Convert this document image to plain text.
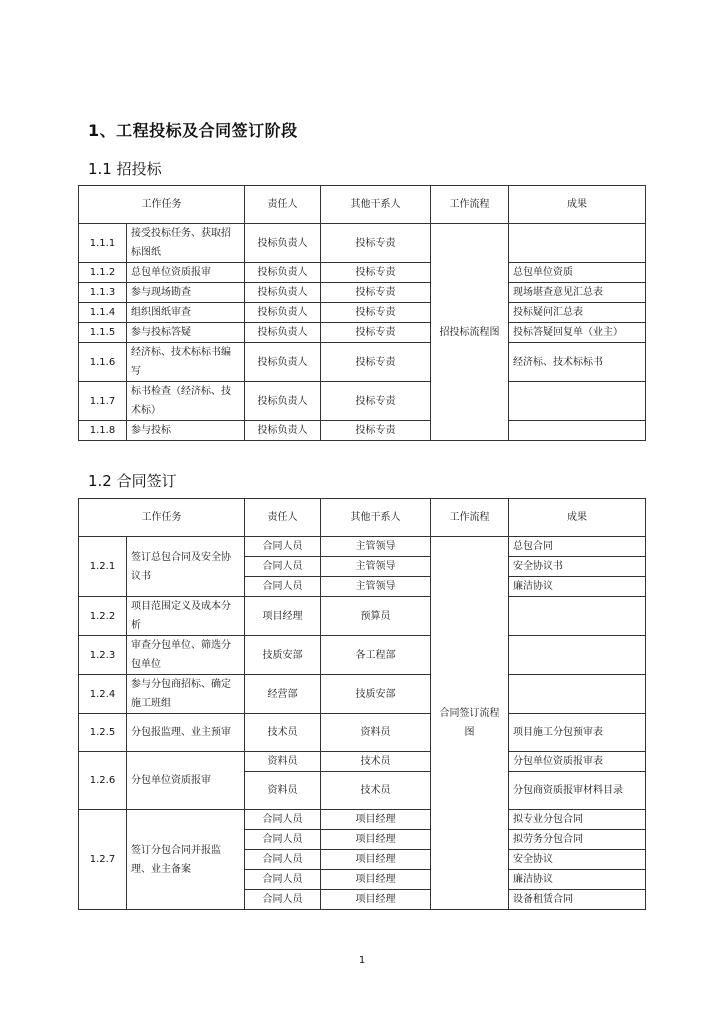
1、工程投标及合同签订阶段
1.1 招投标
工作任务		责任人	其他干系人	工作流程	成果
1.1.1	接受投标任务、获取招标图纸	投标负责人	投标专责	招投标流程图	
1.1.2	总包单位资质报审	投标负责人	投标专责		总包单位资质
1.1.3	参与现场勘查	投标负责人	投标专责		现场堪查意见汇总表
1.1.4	组织图纸审查	投标负责人	投标专责		投标疑问汇总表
1.1.5	参与投标答疑	投标负责人	投标专责		投标答疑回复单（业主）
1.1.6	经济标、技术标标书编写	投标负责人	投标专责		经济标、技术标标书
1.1.7	标书检查（经济标、技术标）	投标负责人	投标专责		
1.1.8	参与投标	投标负责人	投标专责		
1.2 合同签订
工作任务		责任人	其他干系人	工作流程	成果
1.2.1	签订总包合同及安全协议书	合同人员	主管领导	合同签订流程图	总包合同
		合同人员	主管领导		安全协议书
		合同人员	主管领导		廉洁协议
1.2.2	项目范围定义及成本分析	项目经理	预算员		
1.2.3	审查分包单位、筛选分包单位	技质安部	各工程部		
1.2.4	参与分包商招标、确定施工班组	经营部	技质安部		
1.2.5	分包报监理、业主预审	技术员	资料员		项目施工分包预审表
1.2.6	分包单位资质报审	资料员	技术员		分包单位资质报审表
		资料员	技术员		分包商资质报审材料目录
1.2.7	签订分包合同并报监理、业主备案	合同人员	项目经理		拟专业分包合同
		合同人员	项目经理		拟劳务分包合同
		合同人员	项目经理		安全协议
		合同人员	项目经理		廉洁协议
		合同人员	项目经理		设备租赁合同
1
